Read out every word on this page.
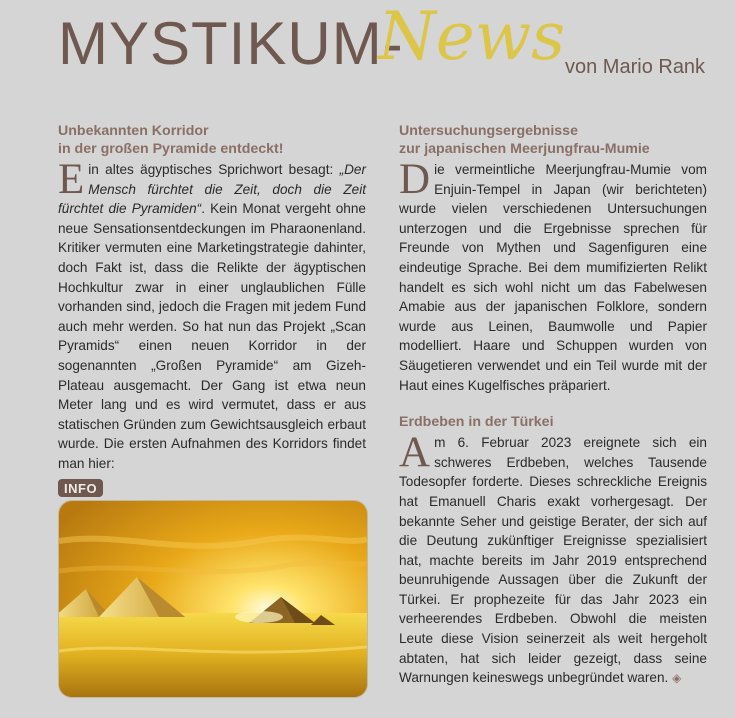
MYSTIKUM-
News von Mario Rank
Unbekannten Korridor
in der großen Pyramide entdeckt!

Ein altes ägyptisches Sprichwort besagt: „Der Mensch fürchtet die Zeit, doch die Zeit fürchtet die Pyramiden“. Kein Monat vergeht ohne neue Sensationsentdeckungen im Pharaonenland. Kritiker vermuten eine Marketingstrategie dahinter, doch Fakt ist, dass die Relikte der ägyptischen Hochkultur zwar in einer unglaublichen Fülle vorhanden sind, jedoch die Fragen mit jedem Fund auch mehr werden. So hat nun das Projekt „Scan Pyramids“ einen neuen Korridor in der sogenannten „Großen Pyramide“ am Gizeh-Plateau ausgemacht. Der Gang ist etwa neun Meter lang und es wird vermutet, dass er aus statischen Gründen zum Gewichtsausgleich erbaut wurde. Die ersten Aufnahmen des Korridors findet man hier:

INFO
Untersuchungsergebnisse
zur japanischen Meerjungfrau-Mumie

Die vermeintliche Meerjungfrau-Mumie vom Enjuin-Tempel in Japan (wir berichteten) wurde vielen verschiedenen Untersuchungen unterzogen und die Ergebnisse sprechen für Freunde von Mythen und Sagenfiguren eine eindeutige Sprache. Bei dem mumifizierten Relikt handelt es sich wohl nicht um das Fabelwesen Amabie aus der japanischen Folklore, sondern wurde aus Leinen, Baumwolle und Papier modelliert. Haare und Schuppen wurden von Säugetieren verwendet und ein Teil wurde mit der Haut eines Kugelfisches präpariert.

Erdbeben in der Türkei

Am 6. Februar 2023 ereignete sich ein schweres Erdbeben, welches Tausende Todesopfer forderte. Dieses schreckliche Ereignis hat Emanuell Charis exakt vorhergesagt. Der bekannte Seher und geistige Berater, der sich auf die Deutung zukünftiger Ereignisse spezialisiert hat, machte bereits im Jahr 2019 entsprechend beunruhigende Aussagen über die Zukunft der Türkei. Er prophezeite für das Jahr 2023 ein verheerendes Erdbeben. Obwohl die meisten Leute diese Vision seinerzeit als weit hergeholt abtaten, hat sich leider gezeigt, dass seine Warnungen keineswegs unbegründet waren. ◈
